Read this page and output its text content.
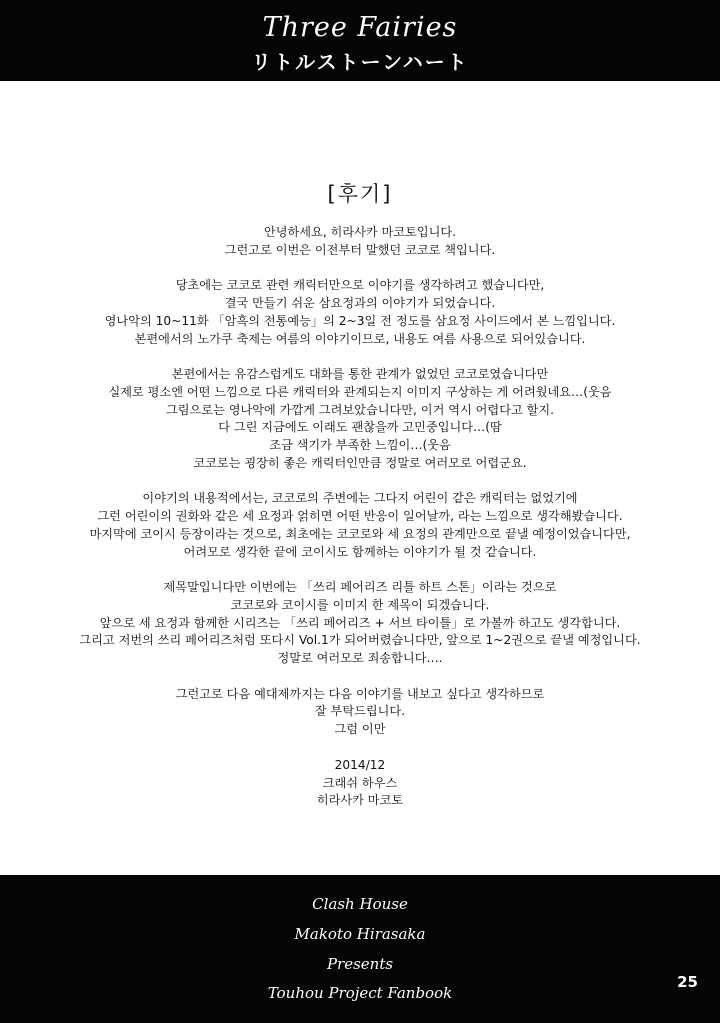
Three Fairies
リトルストーンハート
[후기]
안녕하세요, 히라사카 마코토입니다.
그런고로 이번은 이전부터 말했던 코코로 책입니다.
당초에는 코코로 관련 캐릭터만으로 이야기를 생각하려고 했습니다만,
결국 만들기 쉬운 삼요정과의 이야기가 되었습니다.
영나악의 10~11화 「암흑의 전통예능」의 2~3일 전 정도를 삼요정 사이드에서 본 느낌입니다.
본편에서의 노가쿠 축제는 여름의 이야기이므로, 내용도 여름 사용으로 되어있습니다.
본편에서는 유감스럽게도 대화를 통한 관계가 없었던 코코로였습니다만
실제로 평소엔 어떤 느낌으로 다른 캐릭터와 관계되는지 이미지 구상하는 게 어려웠네요…(웃음
그림으로는 영나악에 가깝게 그려보았습니다만, 이거 역시 어렵다고 할지.
다 그린 지금에도 이래도 괜찮을까 고민중입니다…(땀
조금 색기가 부족한 느낌이…(웃음
코코로는 굉장히 좋은 캐릭터인만큼 정말로 여러모로 어렵군요.
이야기의 내용적에서는, 코코로의 주변에는 그다지 어린이 같은 캐릭터는 없었기에
그런 어린이의 권화와 같은 세 요정과 얽히면 어떤 반응이 일어날까, 라는 느낌으로 생각해봤습니다.
마지막에 코이시 등장이라는 것으로, 최초에는 코코로와 세 요정의 관계만으로 끝낼 예정이었습니다만,
어려모로 생각한 끝에 코이시도 함께하는 이야기가 될 것 같습니다.
제목말입니다만 이번에는 「쓰리 페어리즈 리틀 하트 스톤」이라는 것으로
코코로와 코이시를 이미지 한 제목이 되겠습니다.
앞으로 세 요정과 함께한 시리즈는 「쓰리 페어리즈 + 서브 타이틀」로 가볼까 하고도 생각합니다.
그리고 저번의 쓰리 페어리즈처럼 또다시 Vol.1가 되어버렸습니다만, 앞으로 1~2권으로 끝낼 예정입니다.
정말로 여러모로 죄송합니다….
그런고로 다음 예대제까지는 다음 이야기를 내보고 싶다고 생각하므로
잘 부탁드립니다.
그럼 이만
2014/12
크래쉬 하우스
히라사카 마코토
Clash House
Makoto Hirasaka
Presents
Touhou Project Fanbook
25
